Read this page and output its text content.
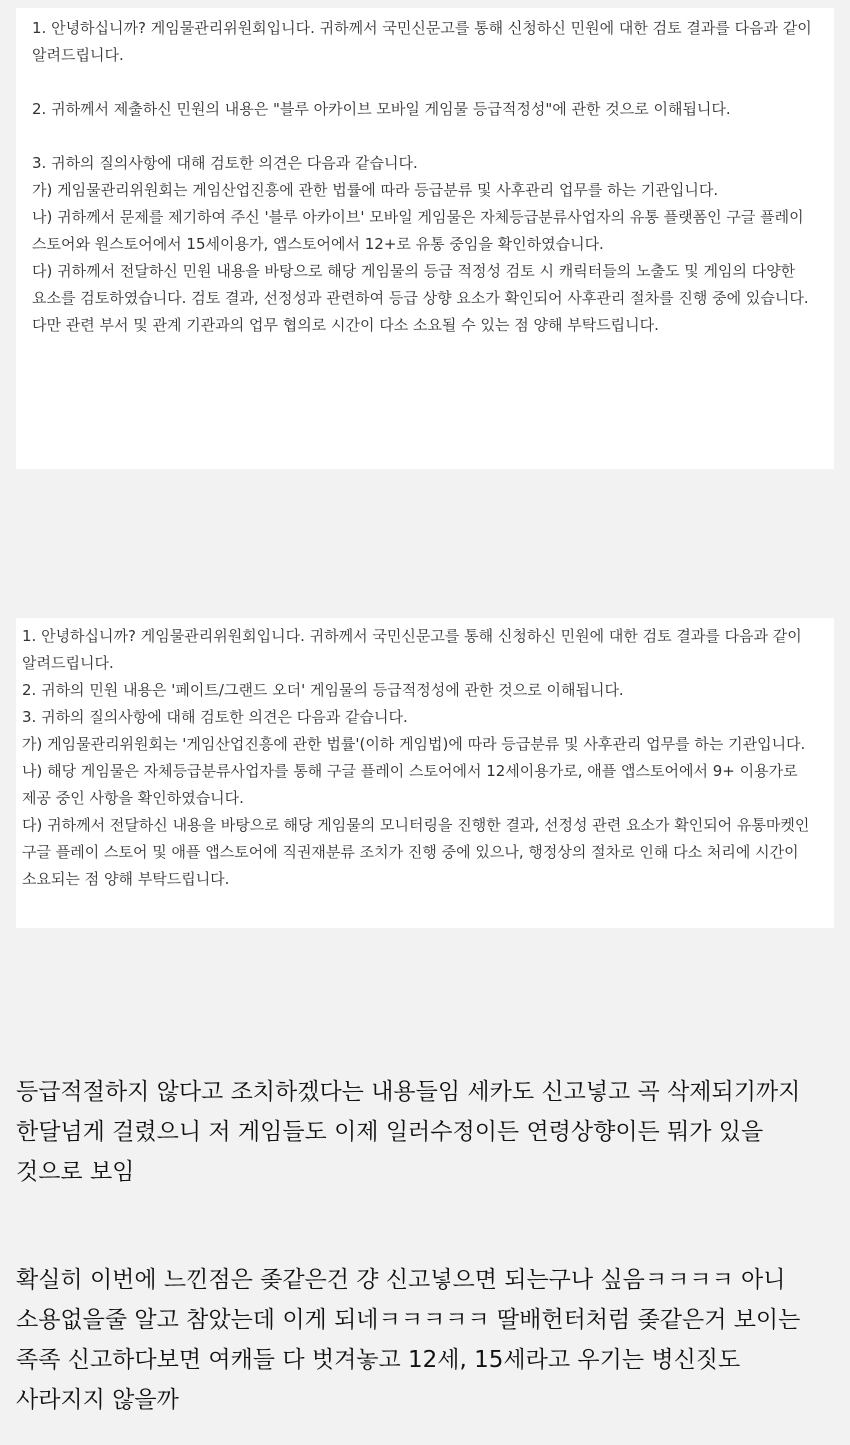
1. 안녕하십니까? 게임물관리위원회입니다. 귀하께서 국민신문고를 통해 신청하신 민원에 대한 검토 결과를 다음과 같이 알려드립니다.

2. 귀하께서 제출하신 민원의 내용은 "블루 아카이브 모바일 게임물 등급적정성"에 관한 것으로 이해됩니다.

3. 귀하의 질의사항에 대해 검토한 의견은 다음과 같습니다.

가) 게임물관리위원회는 게임산업진흥에 관한 법률에 따라 등급분류 및 사후관리 업무를 하는 기관입니다.

나) 귀하께서 문제를 제기하여 주신 '블루 아카이브' 모바일 게임물은 자체등급분류사업자의 유통 플랫폼인 구글 플레이 스토어와 원스토어에서 15세이용가, 앱스토어에서 12+로 유통 중임을 확인하였습니다.

다) 귀하께서 전달하신 민원 내용을 바탕으로 해당 게임물의 등급 적정성 검토 시 캐릭터들의 노출도 및 게임의 다양한 요소를 검토하였습니다. 검토 결과, 선정성과 관련하여 등급 상향 요소가 확인되어 사후관리 절차를 진행 중에 있습니다. 다만 관련 부서 및 관계 기관과의 업무 협의로 시간이 다소 소요될 수 있는 점 양해 부탁드립니다.

1. 안녕하십니까? 게임물관리위원회입니다. 귀하께서 국민신문고를 통해 신청하신 민원에 대한 검토 결과를 다음과 같이 알려드립니다.

2. 귀하의 민원 내용은 '페이트/그랜드 오더' 게임물의 등급적정성에 관한 것으로 이해됩니다.

3. 귀하의 질의사항에 대해 검토한 의견은 다음과 같습니다.

가) 게임물관리위원회는 '게임산업진흥에 관한 법률'(이하 게임법)에 따라 등급분류 및 사후관리 업무를 하는 기관입니다.

나) 해당 게임물은 자체등급분류사업자를 통해 구글 플레이 스토어에서 12세이용가로, 애플 앱스토어에서 9+ 이용가로 제공 중인 사항을 확인하였습니다.

다) 귀하께서 전달하신 내용을 바탕으로 해당 게임물의 모니터링을 진행한 결과, 선정성 관련 요소가 확인되어 유통마켓인 구글 플레이 스토어 및 애플 앱스토어에 직권재분류 조치가 진행 중에 있으나, 행정상의 절차로 인해 다소 처리에 시간이 소요되는 점 양해 부탁드립니다.

등급적절하지 않다고 조치하겠다는 내용들임 세카도 신고넣고 곡 삭제되기까지 한달넘게 걸렸으니 저 게임들도 이제 일러수정이든 연령상향이든 뭐가 있을 것으로 보임

확실히 이번에 느낀점은 좆같은건 걍 신고넣으면 되는구나 싶음ㅋㅋㅋㅋ 아니 소용없을줄 알고 참았는데 이게 되네ㅋㅋㅋㅋㅋ 딸배헌터처럼 좆같은거 보이는 족족 신고하다보면 여캐들 다 벗겨놓고 12세, 15세라고 우기는 병신짓도 사라지지 않을까
